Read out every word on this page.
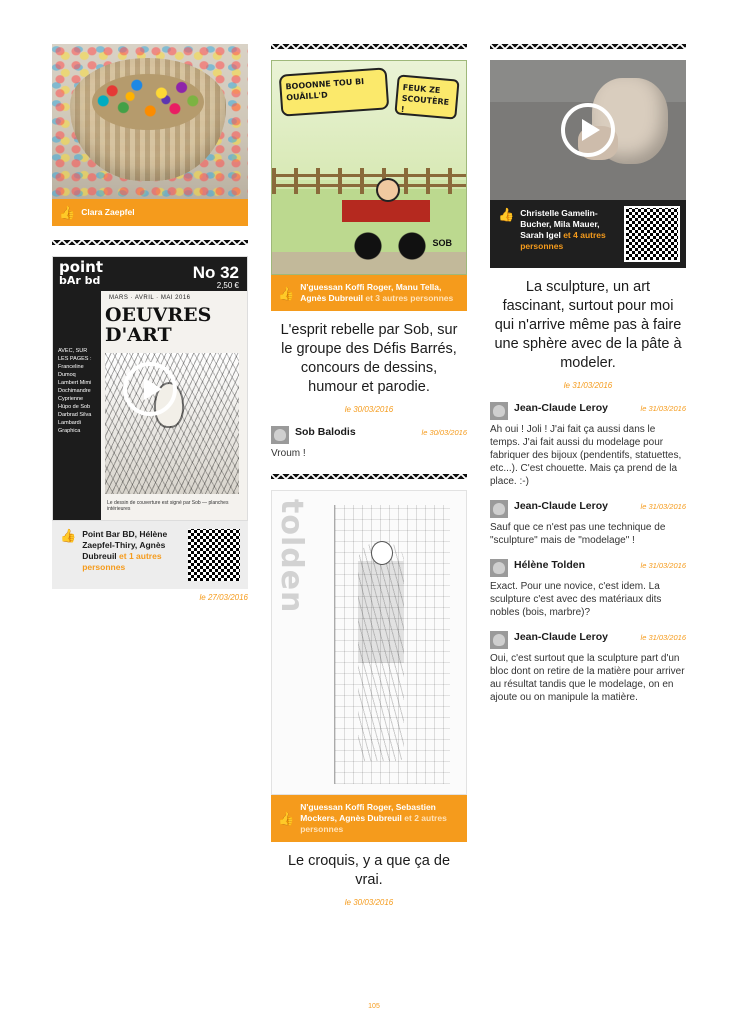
👍 Clara Zaepfel
point
bAr bd	No 32
2,50 €
MARS · AVRIL · MAI 2016
OEUVRES D'ART
AVEC, SUR LES PAGES : Franceline Dumoq Lambert Mimi Dochimandre Cyprienne Hüpo de Sob Darbrad Silva Lambardi Graphica
Le dessin de couverture est signé par Sob — planches intérieures
👍 Point Bar BD, Hélène Zaepfel-Thiry, Agnès Dubreuil et 1 autres personnes
le 27/03/2016
BOOONNE TOU BI OUÂILL'D
FEUK ZE SCOUTÈRE !
SOB
👍 N'guessan Koffi Roger, Manu Tella, Agnès Dubreuil et 3 autres personnes
L'esprit rebelle par Sob, sur le groupe des Défis Barrés, concours de dessins, humour et parodie.
le 30/03/2016
Sob Balodis	le 30/03/2016
Vroum !
tolden
👍
N'guessan Koffi Roger, Sebastien Mockers, Agnès Dubreuil et 2 autres personnes
Le croquis, y a que ça de vrai.
le 30/03/2016
👍 Christelle Gamelin-Bucher, Mila Mauer, Sarah Igel et 4 autres personnes
La sculpture, un art fascinant, surtout pour moi qui n'arrive même pas à faire une sphère avec de la pâte à modeler.
le 31/03/2016
Jean-Claude Leroy	le 31/03/2016
Ah oui ! Joli ! J'ai fait ça aussi dans le temps. J'ai fait aussi du modelage pour fabriquer des bijoux (pendentifs, statuettes, etc...). C'est chouette. Mais ça prend de la place. :-)
Jean-Claude Leroy	le 31/03/2016
Sauf que ce n'est pas une technique de "sculpture" mais de "modelage" !
Hélène Tolden	le 31/03/2016
Exact. Pour une novice, c'est idem. La sculpture c'est avec des matériaux dits nobles (bois, marbre)?
Jean-Claude Leroy	le 31/03/2016
Oui, c'est surtout que la sculpture part d'un bloc dont on retire de la matière pour arriver au résultat tandis que le modelage, on en ajoute ou on manipule la matière.
105
